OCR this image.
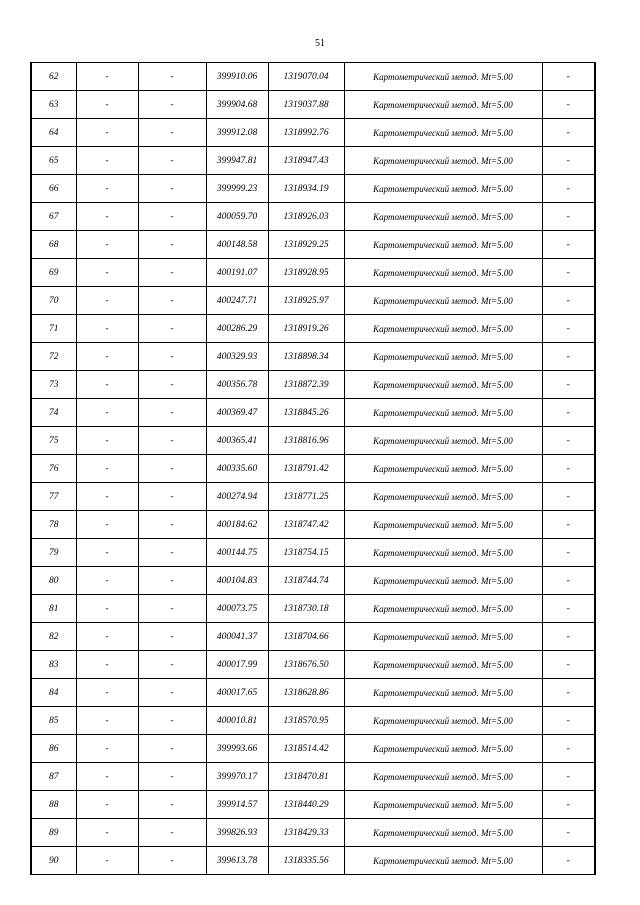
51
62	-	-	399910.06	1319070.04	Картометрический метод. Mt=5.00	-
63	-	-	399904.68	1319037.88	Картометрический метод. Mt=5.00	-
64	-	-	399912.08	1318992.76	Картометрический метод. Mt=5.00	-
65	-	-	399947.81	1318947.43	Картометрический метод. Mt=5.00	-
66	-	-	399999.23	1318934.19	Картометрический метод. Mt=5.00	-
67	-	-	400059.70	1318926.03	Картометрический метод. Mt=5.00	-
68	-	-	400148.58	1318929.25	Картометрический метод. Mt=5.00	-
69	-	-	400191.07	1318928.95	Картометрический метод. Mt=5.00	-
70	-	-	400247.71	1318925.97	Картометрический метод. Mt=5.00	-
71	-	-	400286.29	1318919.26	Картометрический метод. Mt=5.00	-
72	-	-	400329.93	1318898.34	Картометрический метод. Mt=5.00	-
73	-	-	400356.78	1318872.39	Картометрический метод. Mt=5.00	-
74	-	-	400369.47	1318845.26	Картометрический метод. Mt=5.00	-
75	-	-	400365.41	1318816.96	Картометрический метод. Mt=5.00	-
76	-	-	400335.60	1318791.42	Картометрический метод. Mt=5.00	-
77	-	-	400274.94	1318771.25	Картометрический метод. Mt=5.00	-
78	-	-	400184.62	1318747.42	Картометрический метод. Mt=5.00	-
79	-	-	400144.75	1318754.15	Картометрический метод. Mt=5.00	-
80	-	-	400104.83	1318744.74	Картометрический метод. Mt=5.00	-
81	-	-	400073.75	1318730.18	Картометрический метод. Mt=5.00	-
82	-	-	400041.37	1318704.66	Картометрический метод. Mt=5.00	-
83	-	-	400017.99	1318676.50	Картометрический метод. Mt=5.00	-
84	-	-	400017.65	1318628.86	Картометрический метод. Mt=5.00	-
85	-	-	400010.81	1318570.95	Картометрический метод. Mt=5.00	-
86	-	-	399993.66	1318514.42	Картометрический метод. Mt=5.00	-
87	-	-	399970.17	1318470.81	Картометрический метод. Mt=5.00	-
88	-	-	399914.57	1318440.29	Картометрический метод. Mt=5.00	-
89	-	-	399826.93	1318429.33	Картометрический метод. Mt=5.00	-
90	-	-	399613.78	1318335.56	Картометрический метод. Mt=5.00	-
